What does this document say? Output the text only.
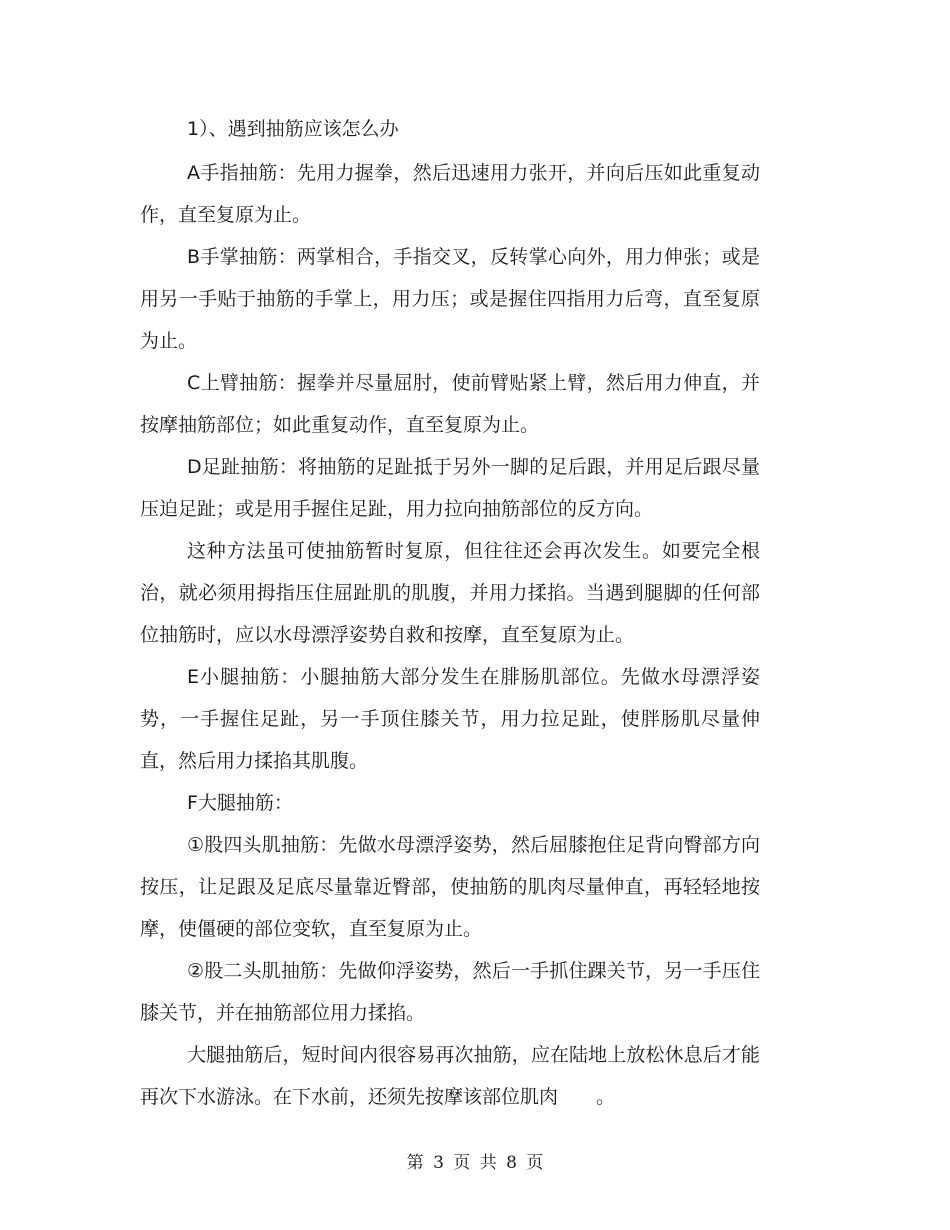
1）、遇到抽筋应该怎么办

A手指抽筋：先用力握拳，然后迅速用力张开，并向后压如此重复动作，直至复原为止。

B手掌抽筋：两掌相合，手指交叉，反转掌心向外，用力伸张；或是用另一手贴于抽筋的手掌上，用力压；或是握住四指用力后弯，直至复原为止。

C上臂抽筋：握拳并尽量屈肘，使前臂贴紧上臂，然后用力伸直，并按摩抽筋部位；如此重复动作，直至复原为止。

D足趾抽筋：将抽筋的足趾抵于另外一脚的足后跟，并用足后跟尽量压迫足趾；或是用手握住足趾，用力拉向抽筋部位的反方向。

这种方法虽可使抽筋暂时复原，但往往还会再次发生。如要完全根治，就必须用拇指压住屈趾肌的肌腹，并用力揉掐。当遇到腿脚的任何部位抽筋时，应以水母漂浮姿势自救和按摩，直至复原为止。

E小腿抽筋：小腿抽筋大部分发生在腓肠肌部位。先做水母漂浮姿势，一手握住足趾，另一手顶住膝关节，用力拉足趾，使胖肠肌尽量伸直，然后用力揉掐其肌腹。

F大腿抽筋：

①股四头肌抽筋：先做水母漂浮姿势，然后屈膝抱住足背向臀部方向按压，让足跟及足底尽量靠近臀部，使抽筋的肌肉尽量伸直，再轻轻地按摩，使僵硬的部位变软，直至复原为止。

②股二头肌抽筋：先做仰浮姿势，然后一手抓住踝关节，另一手压住膝关节，并在抽筋部位用力揉掐。

大腿抽筋后，短时间内很容易再次抽筋，应在陆地上放松休息后才能再次下水游泳。在下水前，还须先按摩该部位肌肉　　。

第 3 页 共 8 页
